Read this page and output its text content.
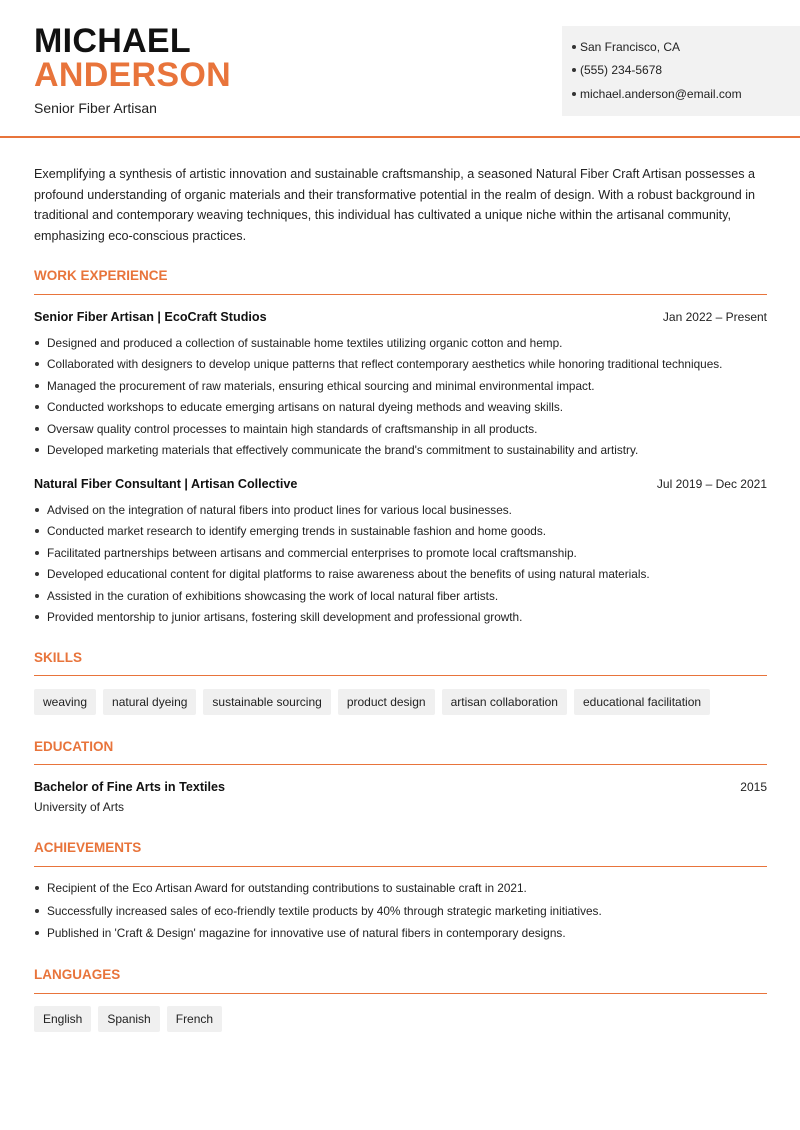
MICHAEL
ANDERSON
Senior Fiber Artisan
San Francisco, CA
(555) 234-5678
michael.anderson@email.com

Exemplifying a synthesis of artistic innovation and sustainable craftsmanship, a seasoned Natural Fiber Craft Artisan possesses a profound understanding of organic materials and their transformative potential in the realm of design. With a robust background in traditional and contemporary weaving techniques, this individual has cultivated a unique niche within the artisanal community, emphasizing eco-conscious practices.

WORK EXPERIENCE
Senior Fiber Artisan | EcoCraft Studios	Jan 2022 – Present
Designed and produced a collection of sustainable home textiles utilizing organic cotton and hemp.
Collaborated with designers to develop unique patterns that reflect contemporary aesthetics while honoring traditional techniques.
Managed the procurement of raw materials, ensuring ethical sourcing and minimal environmental impact.
Conducted workshops to educate emerging artisans on natural dyeing methods and weaving skills.
Oversaw quality control processes to maintain high standards of craftsmanship in all products.
Developed marketing materials that effectively communicate the brand's commitment to sustainability and artistry.
Natural Fiber Consultant | Artisan Collective	Jul 2019 – Dec 2021
Advised on the integration of natural fibers into product lines for various local businesses.
Conducted market research to identify emerging trends in sustainable fashion and home goods.
Facilitated partnerships between artisans and commercial enterprises to promote local craftsmanship.
Developed educational content for digital platforms to raise awareness about the benefits of using natural materials.
Assisted in the curation of exhibitions showcasing the work of local natural fiber artists.
Provided mentorship to junior artisans, fostering skill development and professional growth.
SKILLS
weaving	natural dyeing	sustainable sourcing	product design	artisan collaboration	educational facilitation
EDUCATION
Bachelor of Fine Arts in Textiles	2015
University of Arts
ACHIEVEMENTS
Recipient of the Eco Artisan Award for outstanding contributions to sustainable craft in 2021.
Successfully increased sales of eco-friendly textile products by 40% through strategic marketing initiatives.
Published in 'Craft & Design' magazine for innovative use of natural fibers in contemporary designs.
LANGUAGES
English	Spanish	French
